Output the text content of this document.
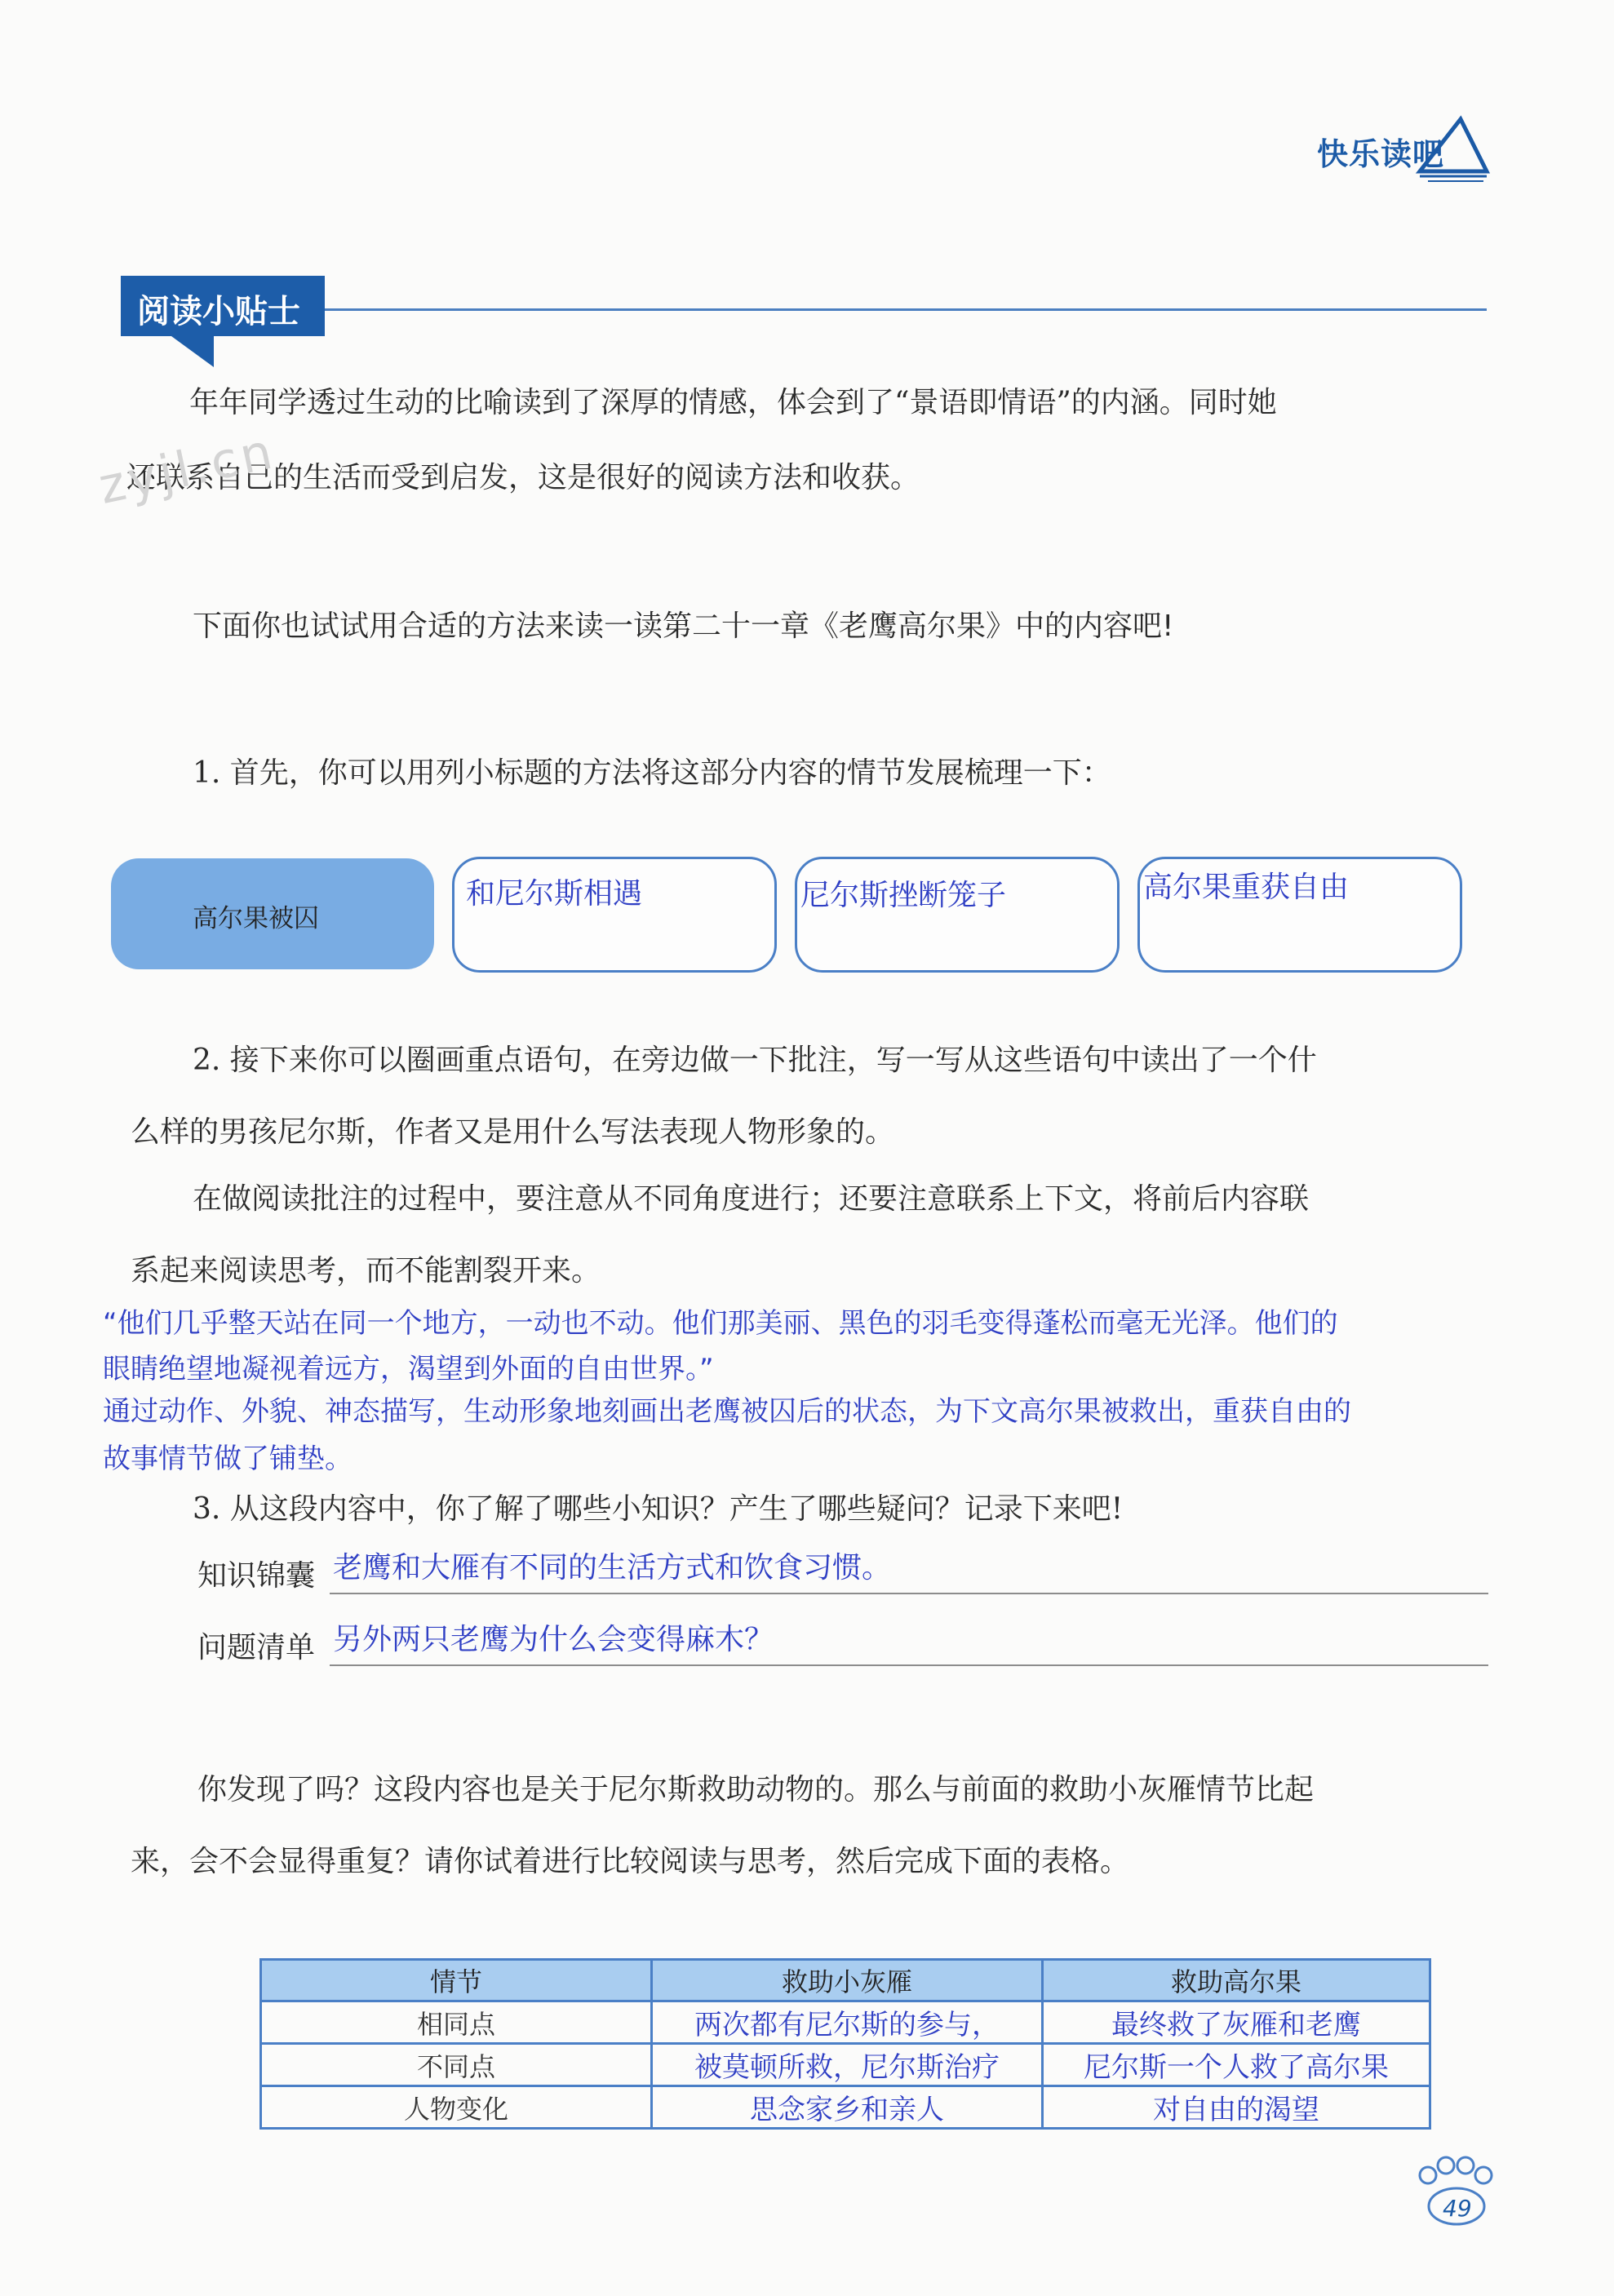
快乐读吧
阅读小贴士
年年同学透过生动的比喻读到了深厚的情感，体会到了“景语即情语”的内涵。同时她
还联系自己的生活而受到启发，这是很好的阅读方法和收获。
zyjl.cn
下面你也试试用合适的方法来读一读第二十一章《老鹰高尔果》中的内容吧!
1. 首先，你可以用列小标题的方法将这部分内容的情节发展梳理一下：
高尔果被囚
和尼尔斯相遇	尼尔斯挫断笼子	高尔果重获自由
2. 接下来你可以圈画重点语句，在旁边做一下批注，写一写从这些语句中读出了一个什
么样的男孩尼尔斯，作者又是用什么写法表现人物形象的。
在做阅读批注的过程中，要注意从不同角度进行；还要注意联系上下文，将前后内容联
系起来阅读思考，而不能割裂开来。
“他们几乎整天站在同一个地方，一动也不动。他们那美丽、黑色的羽毛变得蓬松而毫无光泽。他们的
眼睛绝望地凝视着远方，渴望到外面的自由世界。”
通过动作、外貌、神态描写，生动形象地刻画出老鹰被囚后的状态，为下文高尔果被救出，重获自由的
故事情节做了铺垫。
3. 从这段内容中，你了解了哪些小知识？产生了哪些疑问？记录下来吧!
知识锦囊 老鹰和大雁有不同的生活方式和饮食习惯。
问题清单 另外两只老鹰为什么会变得麻木？
你发现了吗？这段内容也是关于尼尔斯救助动物的。那么与前面的救助小灰雁情节比起
来，会不会显得重复？请你试着进行比较阅读与思考，然后完成下面的表格。
情节	救助小灰雁	救助高尔果
相同点	两次都有尼尔斯的参与，	最终救了灰雁和老鹰
不同点	被莫顿所救，尼尔斯治疗	尼尔斯一个人救了高尔果
人物变化	思念家乡和亲人	对自由的渴望
49
